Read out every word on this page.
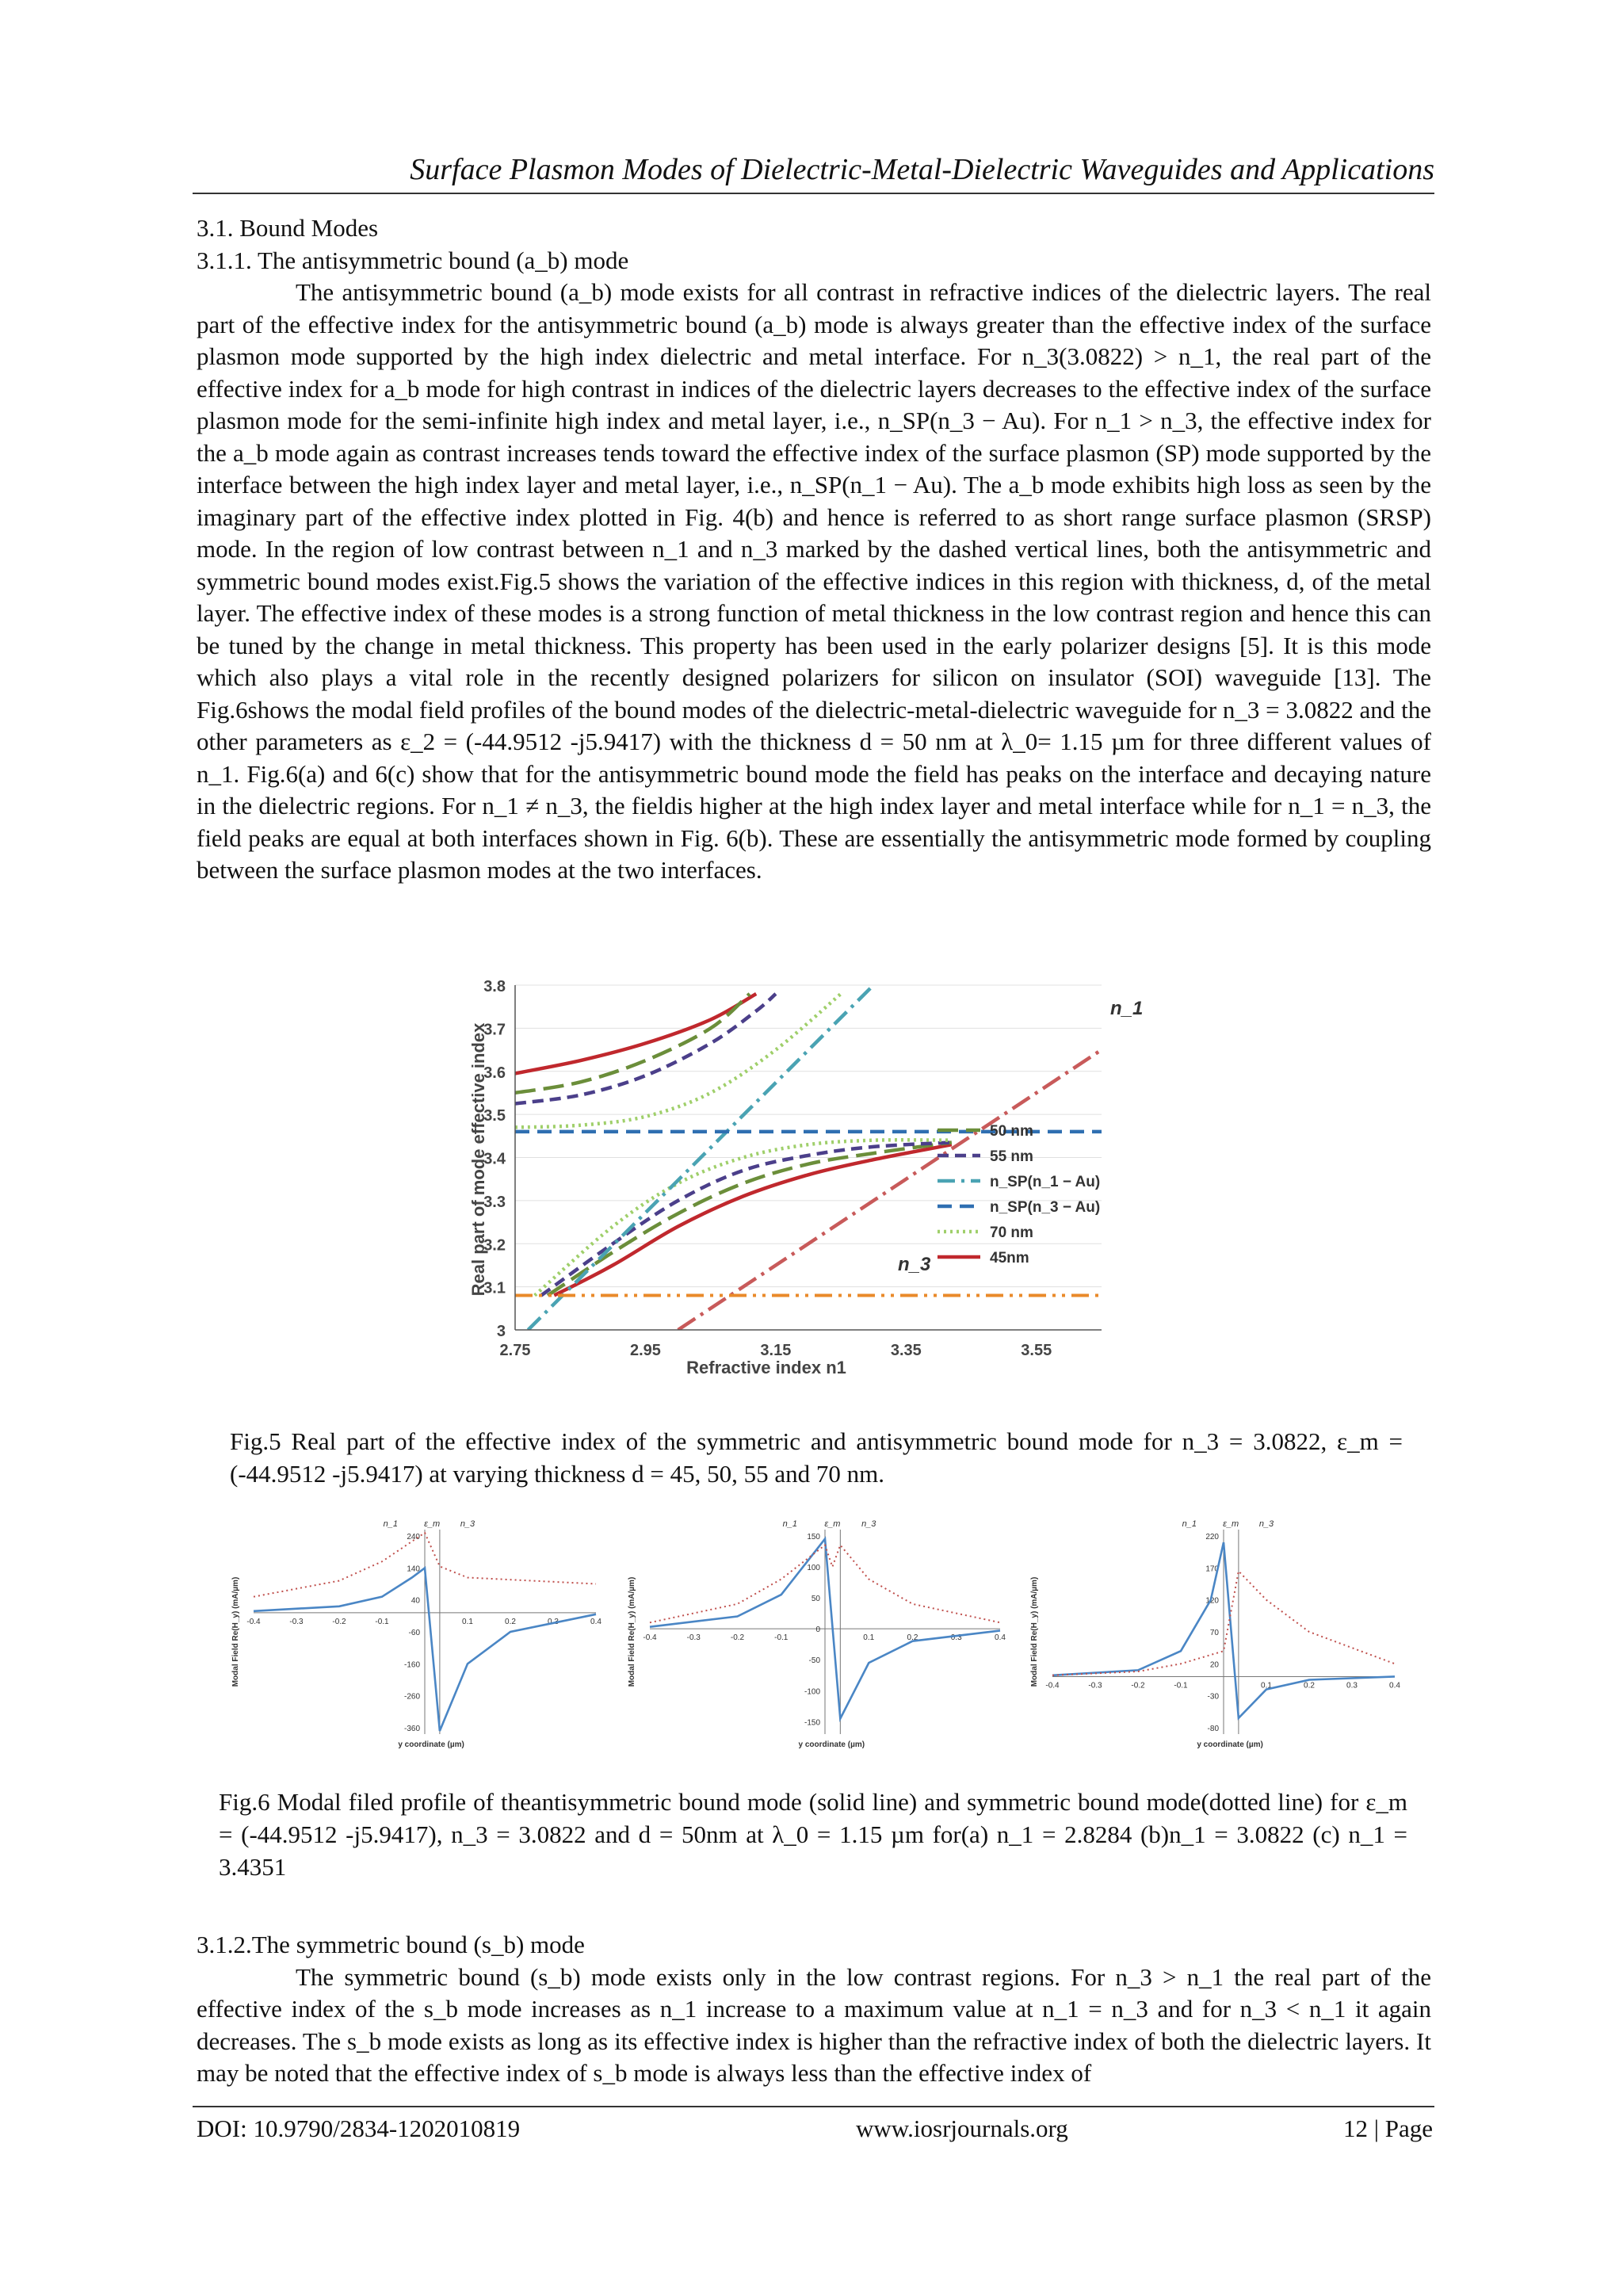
Surface Plasmon Modes of Dielectric-Metal-Dielectric Waveguides and Applications

3.1. Bound Modes

3.1.1. The antisymmetric bound (a_b) mode

The antisymmetric bound (a_b) mode exists for all contrast in refractive indices of the dielectric layers. The real part of the effective index for the antisymmetric bound (a_b) mode is always greater than the effective index of the surface plasmon mode supported by the high index dielectric and metal interface. For n_3(3.0822) > n_1, the real part of the effective index for a_b mode for high contrast in indices of the dielectric layers decreases to the effective index of the surface plasmon mode for the semi-infinite high index and metal layer, i.e., n_SP(n_3 − Au). For n_1 > n_3, the effective index for the a_b mode again as contrast increases tends toward the effective index of the surface plasmon (SP) mode supported by the interface between the high index layer and metal layer, i.e., n_SP(n_1 − Au). The a_b mode exhibits high loss as seen by the imaginary part of the effective index plotted in Fig. 4(b) and hence is referred to as short range surface plasmon (SRSP) mode. In the region of low contrast between n_1 and n_3 marked by the dashed vertical lines, both the antisymmetric and symmetric bound modes exist.Fig.5 shows the variation of the effective indices in this region with thickness, d, of the metal layer. The effective index of these modes is a strong function of metal thickness in the low contrast region and hence this can be tuned by the change in metal thickness. This property has been used in the early polarizer designs [5]. It is this mode which also plays a vital role in the recently designed polarizers for silicon on insulator (SOI) waveguide [13]. The Fig.6shows the modal field profiles of the bound modes of the dielectric-metal-dielectric waveguide for n_3 = 3.0822 and the other parameters as ε_2 = (-44.9512 -j5.9417) with the thickness d = 50 nm at λ_0= 1.15 µm for three different values of n_1. Fig.6(a) and 6(c) show that for the antisymmetric bound mode the field has peaks on the interface and decaying nature in the dielectric regions. For n_1 ≠ n_3, the fieldis higher at the high index layer and metal interface while for n_1 = n_3, the field peaks are equal at both interfaces shown in Fig. 6(b). These are essentially the antisymmetric mode formed by coupling between the surface plasmon modes at the two interfaces.

3
3.1
3.2
3.3
3.4
3.5
3.6
3.7
3.8
2.75	2.95	3.15	3.35	3.55
Real part of mode effective index
Refractive index n1
n_1
n_3
50 nm
55 nm
n_SP(n_1 − Au)
n_SP(n_3 − Au)
70 nm
45nm
Fig.5 Real part of the effective index of the symmetric and antisymmetric bound mode for n_3 = 3.0822, ε_m = (-44.9512 -j5.9417) at varying thickness d = 45, 50, 55 and 70 nm.
-0.4	-0.3	-0.2	-0.1	0.1	0.2	0.3	0.4
240
140
40
-60
-160
-260
-360
n_1	ε_m n_3
Modal Field Re(H_y) (mA/µm)
y coordinate (µm)
-0.4	-0.3	-0.2	-0.1	0.1	0.2	0.3	0.4
150
100
50
0
-50
-100
-150
n_1	ε_m n_3
Modal Field Re(H_y) (mA/µm)
y coordinate (µm)
-0.4	-0.3	-0.2	-0.1	0.1	0.2	0.3	0.4
220
170
120
70
20
-30
-80
n_1	ε_m n_3
Modal Field Re(H_y) (mA/µm)
y coordinate (µm)
Fig.6 Modal filed profile of theantisymmetric bound mode (solid line) and symmetric bound mode(dotted line) for ε_m = (-44.9512 -j5.9417), n_3 = 3.0822 and d = 50nm at λ_0 = 1.15 µm for(a) n_1 = 2.8284 (b)n_1 = 3.0822 (c) n_1 = 3.4351

3.1.2.The symmetric bound (s_b) mode

The symmetric bound (s_b) mode exists only in the low contrast regions. For n_3 > n_1 the real part of the effective index of the s_b mode increases as n_1 increase to a maximum value at n_1 = n_3 and for n_3 < n_1 it again decreases. The s_b mode exists as long as its effective index is higher than the refractive index of both the dielectric layers. It may be noted that the effective index of s_b mode is always less than the effective index of

DOI: 10.9790/2834-1202010819	www.iosrjournals.org	12 | Page
